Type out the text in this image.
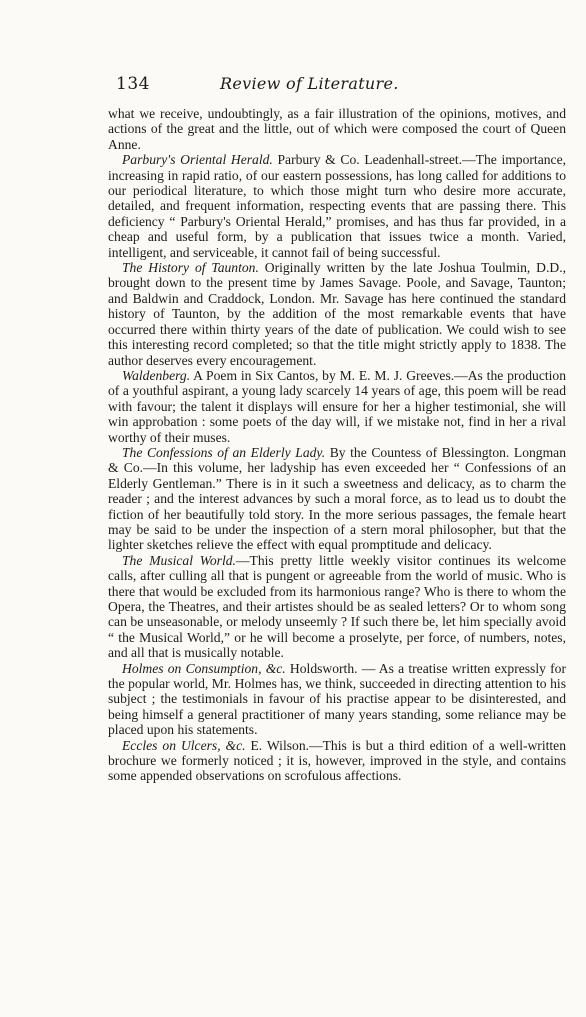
134	Review of Literature.

what we receive, undoubtingly, as a fair illustration of the opinions, motives, and actions of the great and the little, out of which were composed the court of Queen Anne.

Parbury's Oriental Herald. Parbury & Co. Leadenhall-street.—The importance, increasing in rapid ratio, of our eastern possessions, has long called for additions to our periodical literature, to which those might turn who desire more accurate, detailed, and frequent information, respecting events that are passing there. This deficiency “ Parbury's Oriental Herald,” promises, and has thus far provided, in a cheap and useful form, by a publication that issues twice a month. Varied, intelligent, and serviceable, it cannot fail of being successful.

The History of Taunton. Originally written by the late Joshua Toulmin, D.D., brought down to the present time by James Savage. Poole, and Savage, Taunton; and Baldwin and Craddock, London. Mr. Savage has here continued the standard history of Taunton, by the addition of the most remarkable events that have occurred there within thirty years of the date of publication. We could wish to see this interesting record completed; so that the title might strictly apply to 1838. The author deserves every encouragement.

Waldenberg. A Poem in Six Cantos, by M. E. M. J. Greeves.—As the production of a youthful aspirant, a young lady scarcely 14 years of age, this poem will be read with favour; the talent it displays will ensure for her a higher testimonial, she will win approbation : some poets of the day will, if we mistake not, find in her a rival worthy of their muses.

The Confessions of an Elderly Lady. By the Countess of Blessington. Longman & Co.—In this volume, her ladyship has even exceeded her “ Confessions of an Elderly Gentleman.” There is in it such a sweetness and delicacy, as to charm the reader ; and the interest advances by such a moral force, as to lead us to doubt the fiction of her beautifully told story. In the more serious passages, the female heart may be said to be under the inspection of a stern moral philosopher, but that the lighter sketches relieve the effect with equal promptitude and delicacy.

The Musical World.—This pretty little weekly visitor continues its welcome calls, after culling all that is pungent or agreeable from the world of music. Who is there that would be excluded from its harmonious range? Who is there to whom the Opera, the Theatres, and their artistes should be as sealed letters? Or to whom song can be unseasonable, or melody unseemly ? If such there be, let him specially avoid “ the Musical World,” or he will become a proselyte, per force, of numbers, notes, and all that is musically notable.

Holmes on Consumption, &c. Holdsworth. — As a treatise written expressly for the popular world, Mr. Holmes has, we think, succeeded in directing attention to his subject ; the testimonials in favour of his practise appear to be disinterested, and being himself a general practitioner of many years standing, some reliance may be placed upon his statements.

Eccles on Ulcers, &c. E. Wilson.—This is but a third edition of a well-written brochure we formerly noticed ; it is, however, improved in the style, and contains some appended observations on scrofulous affections.
